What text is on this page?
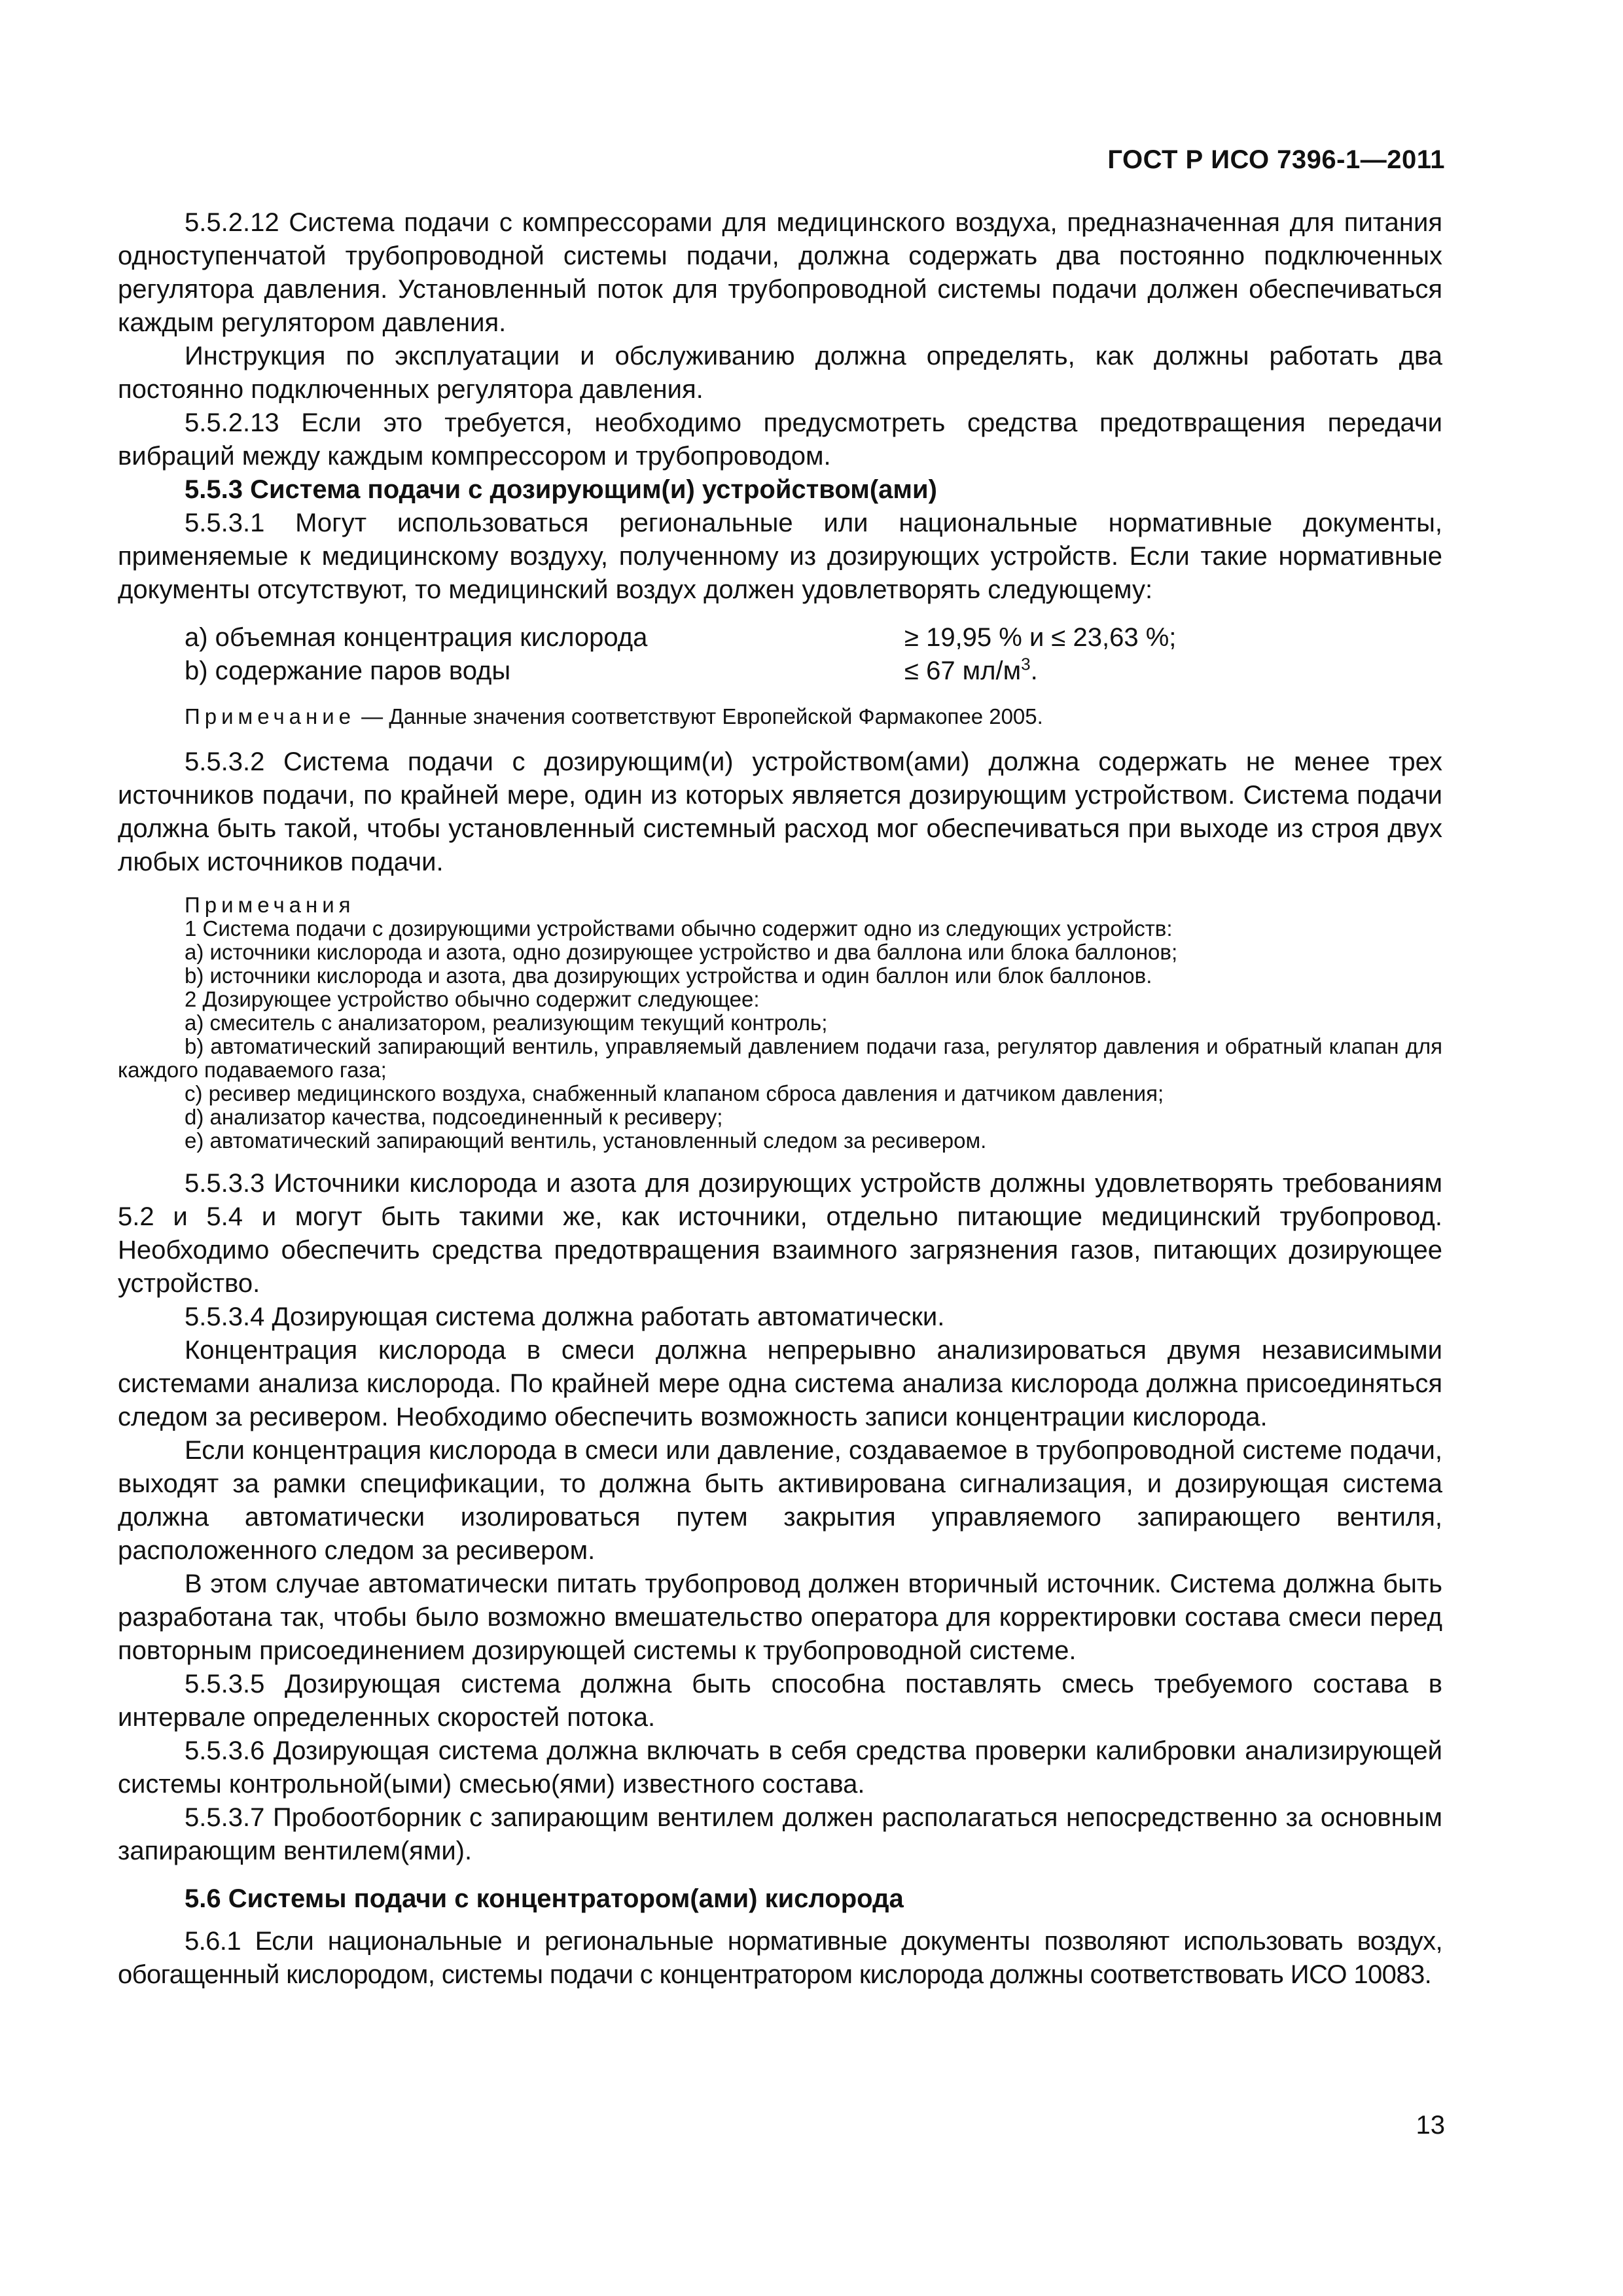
ГОСТ Р ИСО 7396-1—2011

5.5.2.12 Система подачи с компрессорами для медицинского воздуха, предназначенная для питания одноступенчатой трубопроводной системы подачи, должна содержать два постоянно подключенных регулятора давления. Установленный поток для трубопроводной системы подачи должен обеспечиваться каждым регулятором давления.

Инструкция по эксплуатации и обслуживанию должна определять, как должны работать два постоянно подключенных регулятора давления.

5.5.2.13 Если это требуется, необходимо предусмотреть средства предотвращения передачи вибраций между каждым компрессором и трубопроводом.

5.5.3 Система подачи с дозирующим(и) устройством(ами)

5.5.3.1 Могут использоваться региональные или национальные нормативные документы, применяемые к медицинскому воздуху, полученному из дозирующих устройств. Если такие нормативные документы отсутствуют, то медицинский воздух должен удовлетворять следующему:

a) объемная концентрация кислорода	≥ 19,95 % и ≤ 23,63 %;
b) содержание паров воды	≤ 67 $мл/м^3$.
Примечание — Данные значения соответствуют Европейской Фармакопее 2005.

5.5.3.2 Система подачи с дозирующим(и) устройством(ами) должна содержать не менее трех источников подачи, по крайней мере, один из которых является дозирующим устройством. Система подачи должна быть такой, чтобы установленный системный расход мог обеспечиваться при выходе из строя двух любых источников подачи.

Примечания

1 Система подачи с дозирующими устройствами обычно содержит одно из следующих устройств:

a) источники кислорода и азота, одно дозирующее устройство и два баллона или блока баллонов;

b) источники кислорода и азота, два дозирующих устройства и один баллон или блок баллонов.

2 Дозирующее устройство обычно содержит следующее:

a) смеситель с анализатором, реализующим текущий контроль;

b) автоматический запирающий вентиль, управляемый давлением подачи газа, регулятор давления и обратный клапан для каждого подаваемого газа;

c) ресивер медицинского воздуха, снабженный клапаном сброса давления и датчиком давления;

d) анализатор качества, подсоединенный к ресиверу;

e) автоматический запирающий вентиль, установленный следом за ресивером.

5.5.3.3 Источники кислорода и азота для дозирующих устройств должны удовлетворять требованиям 5.2 и 5.4 и могут быть такими же, как источники, отдельно питающие медицинский трубопровод. Необходимо обеспечить средства предотвращения взаимного загрязнения газов, питающих дозирующее устройство.

5.5.3.4 Дозирующая система должна работать автоматически.

Концентрация кислорода в смеси должна непрерывно анализироваться двумя независимыми системами анализа кислорода. По крайней мере одна система анализа кислорода должна присоединяться следом за ресивером. Необходимо обеспечить возможность записи концентрации кислорода.

Если концентрация кислорода в смеси или давление, создаваемое в трубопроводной системе подачи, выходят за рамки спецификации, то должна быть активирована сигнализация, и дозирующая система должна автоматически изолироваться путем закрытия управляемого запирающего вентиля, расположенного следом за ресивером.

В этом случае автоматически питать трубопровод должен вторичный источник. Система должна быть разработана так, чтобы было возможно вмешательство оператора для корректировки состава смеси перед повторным присоединением дозирующей системы к трубопроводной системе.

5.5.3.5 Дозирующая система должна быть способна поставлять смесь требуемого состава в интервале определенных скоростей потока.

5.5.3.6 Дозирующая система должна включать в себя средства проверки калибровки анализирующей системы контрольной(ыми) смесью(ями) известного состава.

5.5.3.7 Пробоотборник с запирающим вентилем должен располагаться непосредственно за основным запирающим вентилем(ями).

5.6 Системы подачи с концентратором(ами) кислорода

5.6.1 Если национальные и региональные нормативные документы позволяют использовать воздух, обогащенный кислородом, системы подачи с концентратором кислорода должны соответствовать ИСО 10083.

13
